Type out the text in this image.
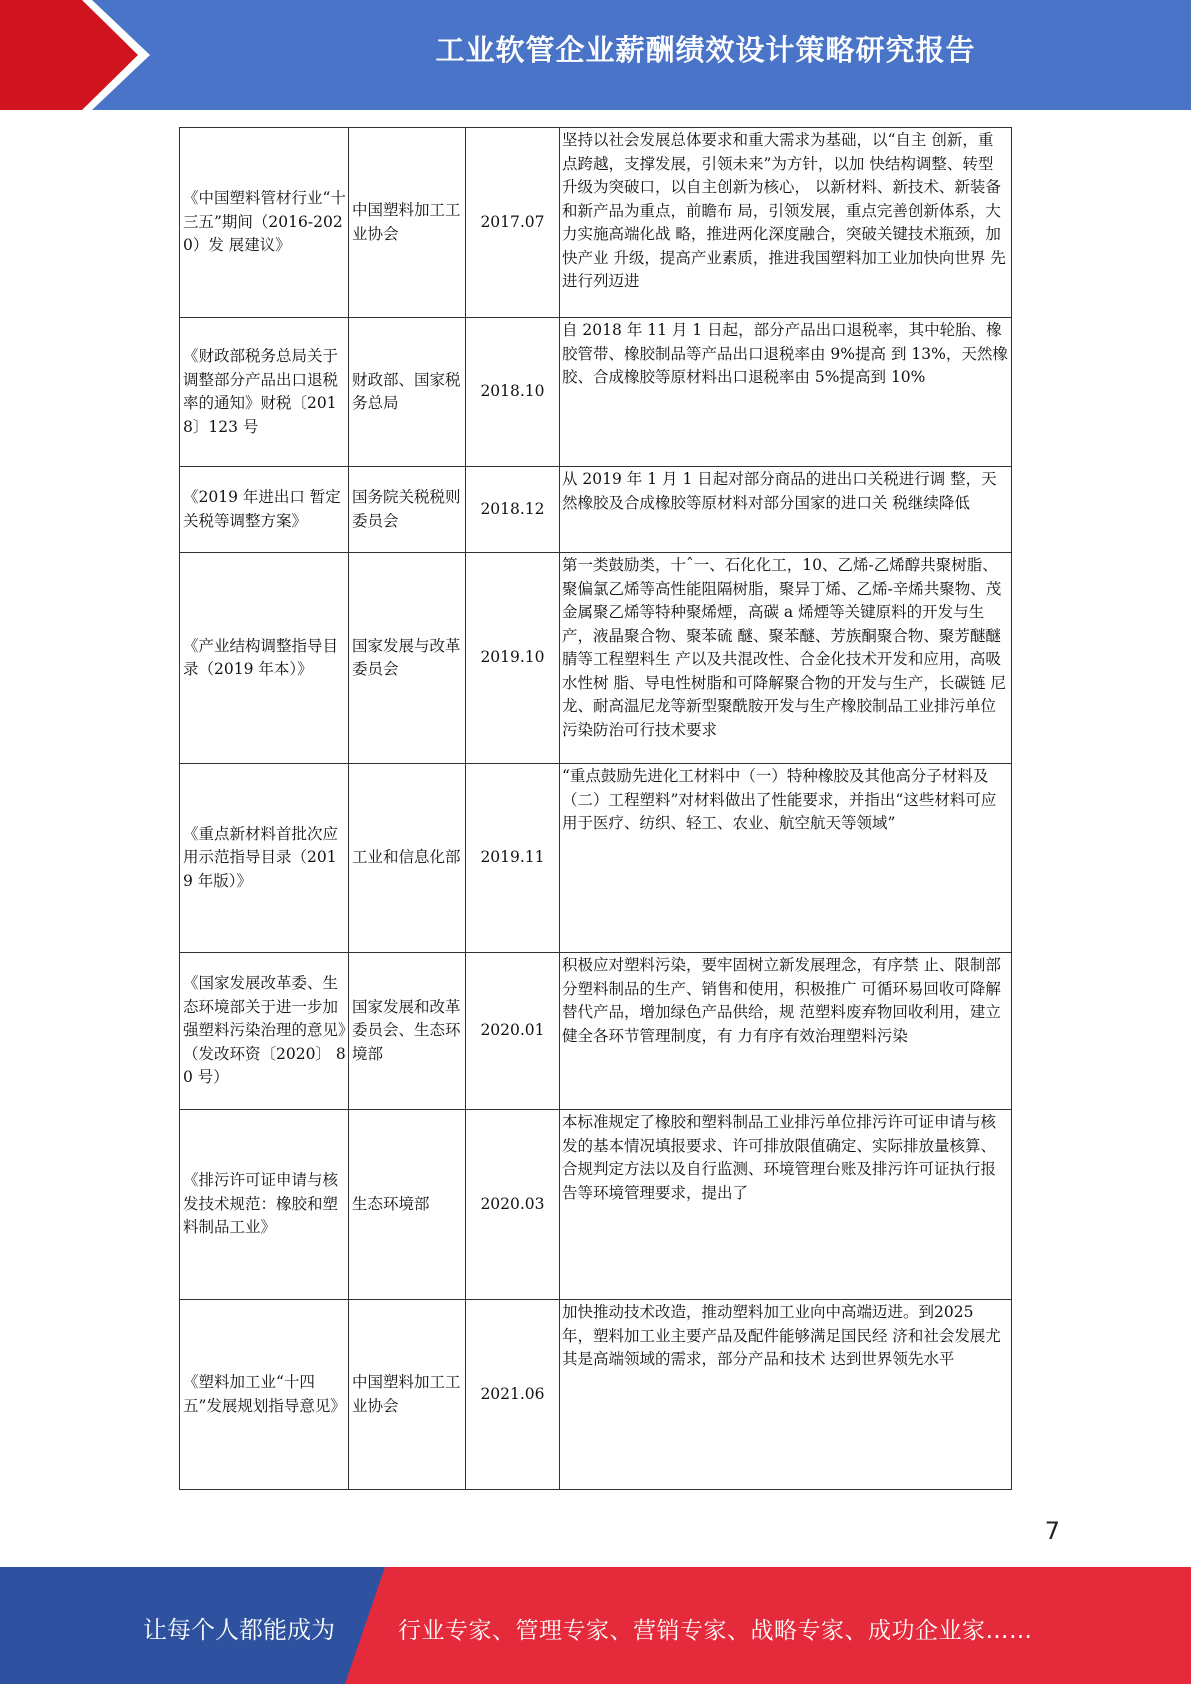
工业软管企业薪酬绩效设计策略研究报告
《中国塑料管材行业“十三五”期间（2016-2020）发 展建议》	中国塑料加工工业协会	2017.07	坚持以社会发展总体要求和重大需求为基础，以“自主 创新，重点跨越，支撑发展，引领未来”为方针，以加 快结构调整、转型升级为突破口，以自主创新为核心， 以新材料、新技术、新装备和新产品为重点，前瞻布 局，引领发展，重点完善创新体系，大力实施高端化战 略，推进两化深度融合，突破关键技术瓶颈，加快产业 升级，提高产业素质，推进我国塑料加工业加快向世界 先进行列迈进
《财政部税务总局关于调整部分产品出口退税率的通知》财税〔2018〕123 号	财政部、国家税务总局	2018.10	自 2018 年 11 月 1 日起，部分产品出口退税率，其中轮胎、橡胶管带、橡胶制品等产品出口退税率由 9%提高 到 13%，天然橡胶、合成橡胶等原材料出口退税率由 5%提高到 10%
《2019 年进出口 暂定关税等调整方案》	国务院关税税则委员会	2018.12	从 2019 年 1 月 1 日起对部分商品的进出口关税进行调 整，天然橡胶及合成橡胶等原材料对部分国家的进口关 税继续降低
《产业结构调整指导目录（2019 年本）》	国家发展与改革委员会	2019.10	第一类鼓励类，十ˆ一、石化化工，10、乙烯-乙烯醇共聚树脂、聚偏氯乙烯等高性能阻隔树脂，聚异丁烯、乙烯-辛烯共聚物、茂金属聚乙烯等特种聚烯煙，高碳 a 烯煙等关键原料的开发与生产，液晶聚合物、聚苯硫 醚、聚苯醚、芳族酮聚合物、聚芳醚醚腈等工程塑料生 产以及共混改性、合金化技术开发和应用，高吸水性树 脂、导电性树脂和可降解聚合物的开发与生产，长碳链 尼龙、耐高温尼龙等新型聚酰胺开发与生产橡胶制品工业排污单位污染防治可行技术要求
《重点新材料首批次应用示范指导目录（2019 年版）》	工业和信息化部	2019.11	“重点鼓励先进化工材料中（一）特种橡胶及其他高分子材料及（二）工程塑料”对材料做出了性能要求，并指出“这些材料可应用于医疗、纺织、轻工、农业、航空航天等领域”
《国家发展改革委、生态环境部关于进一步加强塑料污染治理的意见》（发改环资〔2020〕 80 号）	国家发展和改革委员会、生态环境部	2020.01	积极应对塑料污染，要牢固树立新发展理念，有序禁 止、限制部分塑料制品的生产、销售和使用，积极推广 可循环易回收可降解替代产品，增加绿色产品供给，规 范塑料废弃物回收利用，建立健全各环节管理制度，有 力有序有效治理塑料污染
《排污许可证申请与核发技术规范：橡胶和塑料制品工业》	生态环境部	2020.03	本标准规定了橡胶和塑料制品工业排污单位排污许可证申请与核发的基本情况填报要求、许可排放限值确定、实际排放量核算、合规判定方法以及自行监测、环境管理台账及排污许可证执行报告等环境管理要求，提出了
《塑料加工业“十四五”发展规划指导意见》	中国塑料加工工业协会	2021.06	加快推动技术改造，推动塑料加工业向中高端迈进。到2025 年，塑料加工业主要产品及配件能够满足国民经 济和社会发展尤其是高端领域的需求，部分产品和技术 达到世界领先水平
7
让每个人都能成为	行业专家、管理专家、营销专家、战略专家、成功企业家……
